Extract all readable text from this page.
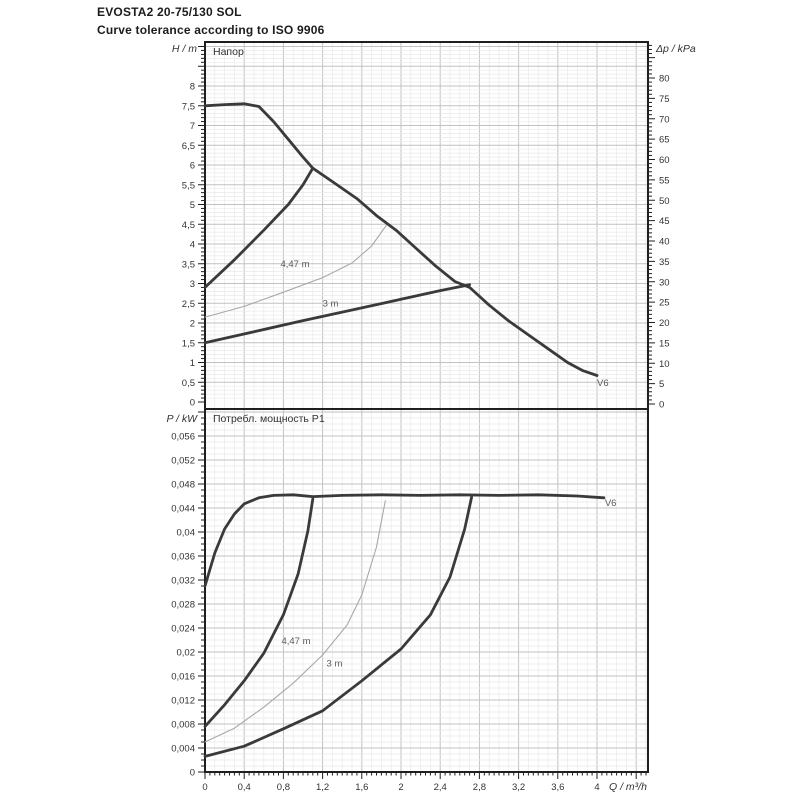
EVOSTA2 20-75/130 SOL
Curve tolerance according to ISO 9906
0
0,5
1
1,5
2
2,5
3
3,5
4
4,5
5
5,5
6
6,5
7
7,5
8
0
5
10
15
20
25
30
35
40
45
50
55
60
65
70
75
80
Δp / kPa
4,47 m
3 m
V6
Напор
H / m
0
0,004
0,008
0,012
0,016
0,02
0,024
0,028
0,032
0,036
0,04
0,044
0,048
0,052
0,056
0	0,4	0,8	1,2	1,6	2	2,4	2,8	3,2	3,6	4 Q / m³/h
4,47 m
3 m
V6
Потребл. мощность P1
P / kW
